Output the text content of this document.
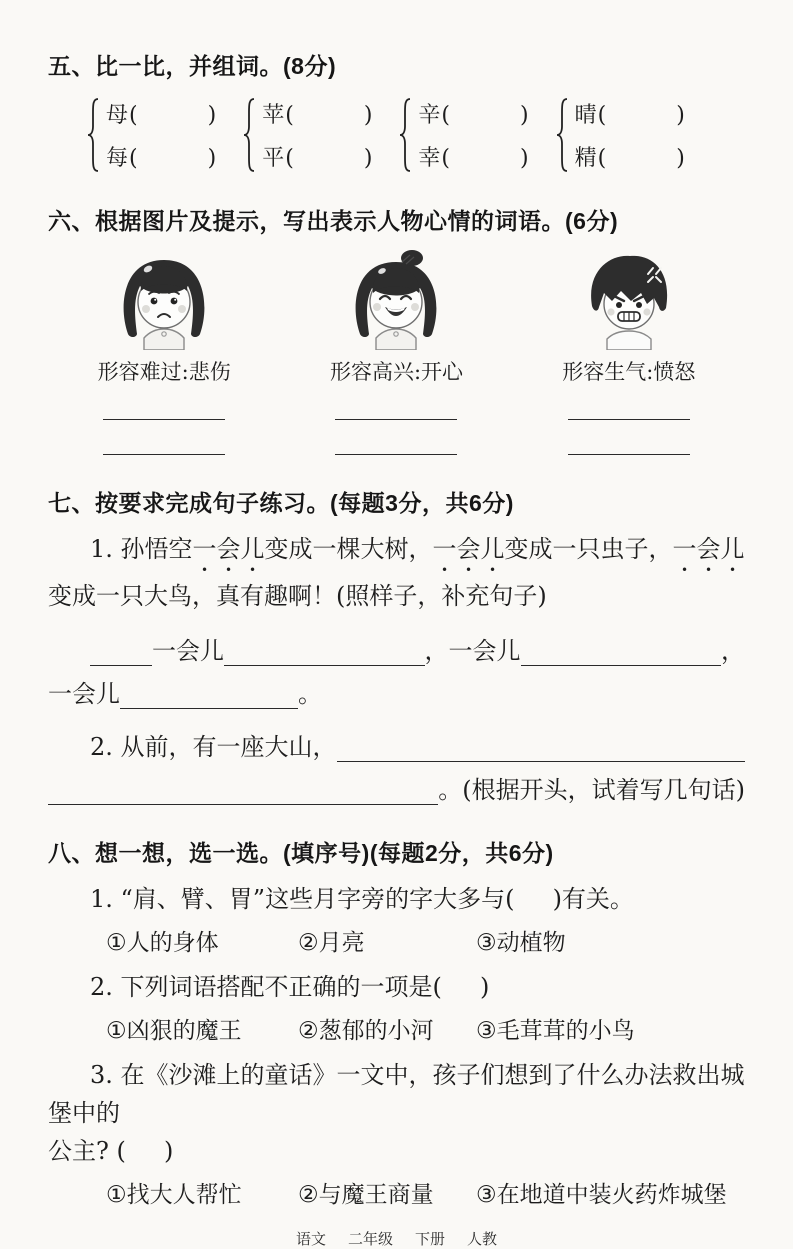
五、比一比，并组词。(8分)
母 (	)
每 (	)
苹 (	)
平 (	)
辛 (	)
幸 (	)
晴 (	)
精 (	)
六、根据图片及提示，写出表示人物心情的词语。(6分)
形容难过:悲伤	形容高兴:开心	形容生气:愤怒
七、按要求完成句子练习。(每题3分，共6分)

1. 孙悟空一会儿变成一棵大树，一会儿变成一只虫子，一会儿变成一只大鸟，真有趣啊！(照样子，补充句子)

一会儿	，一会儿	，

一会儿	。

2. 从前，有一座大山，

。(根据开头，试着写几句话)

八、想一想，选一选。(填序号)(每题2分，共6分)

1. “肩、臂、胃”这些月字旁的字大多与(     )有关。

①人的身体	②月亮	③动植物

2. 下列词语搭配不正确的一项是(     )

①凶狠的魔王 ②葱郁的小河 ③毛茸茸的小鸟

3. 在《沙滩上的童话》一文中，孩子们想到了什么办法救出城堡中的

公主? (     )

①找大人帮忙 ②与魔王商量 ③在地道中装火药炸城堡
语文 二年级 下册 人教
